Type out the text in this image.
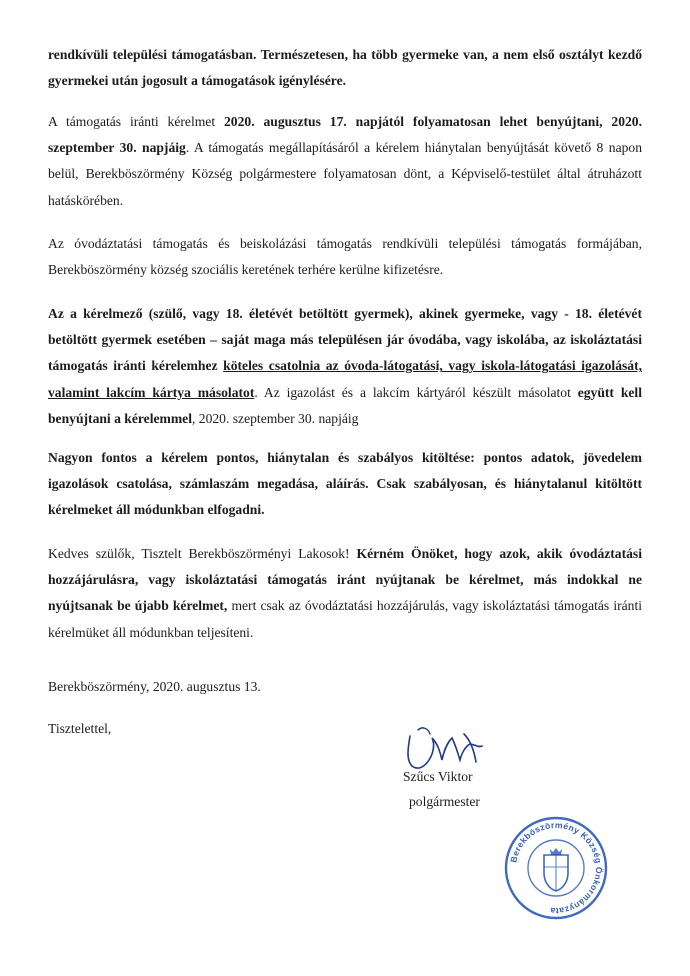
rendkívüli települési támogatásban. Természetesen, ha több gyermeke van, a nem első osztályt kezdő gyermekei után jogosult a támogatások igénylésére.

A támogatás iránti kérelmet 2020. augusztus 17. napjától folyamatosan lehet benyújtani, 2020. szeptember 30. napjáig. A támogatás megállapításáról a kérelem hiánytalan benyújtását követő 8 napon belül, Berekböszörmény Község polgármestere folyamatosan dönt, a Képviselő-testület által átruházott hatáskörében.

Az óvodáztatási támogatás és beiskolázási támogatás rendkívüli települési támogatás formájában, Berekböszörmény község szociális keretének terhére kerülne kifizetésre.

Az a kérelmező (szülő, vagy 18. életévét betöltött gyermek), akinek gyermeke, vagy - 18. életévét betöltött gyermek esetében – saját maga más településen jár óvodába, vagy iskolába, az iskoláztatási támogatás iránti kérelemhez köteles csatolnia az óvoda-látogatási, vagy iskola-látogatási igazolását, valamint lakcím kártya másolatot. Az igazolást és a lakcím kártyáról készült másolatot együtt kell benyújtani a kérelemmel, 2020. szeptember 30. napjáig

Nagyon fontos a kérelem pontos, hiánytalan és szabályos kitöltése: pontos adatok, jövedelem igazolások csatolása, számlaszám megadása, aláírás. Csak szabályosan, és hiánytalanul kitöltött kérelmeket áll módunkban elfogadni.

Kedves szülők, Tisztelt Berekböszörményi Lakosok! Kérném Önöket, hogy azok, akik óvodáztatási hozzájárulásra, vagy iskoláztatási támogatás iránt nyújtanak be kérelmet, más indokkal ne nyújtsanak be újabb kérelmet, mert csak az óvodáztatási hozzájárulás, vagy iskoláztatási támogatás iránti kérelmüket áll módunkban teljesíteni.

Berekböszörmény, 2020. augusztus 13.
Tisztelettel,
Szűcs Viktor
polgármester
Berekböszörmény Község Önkormányzata
